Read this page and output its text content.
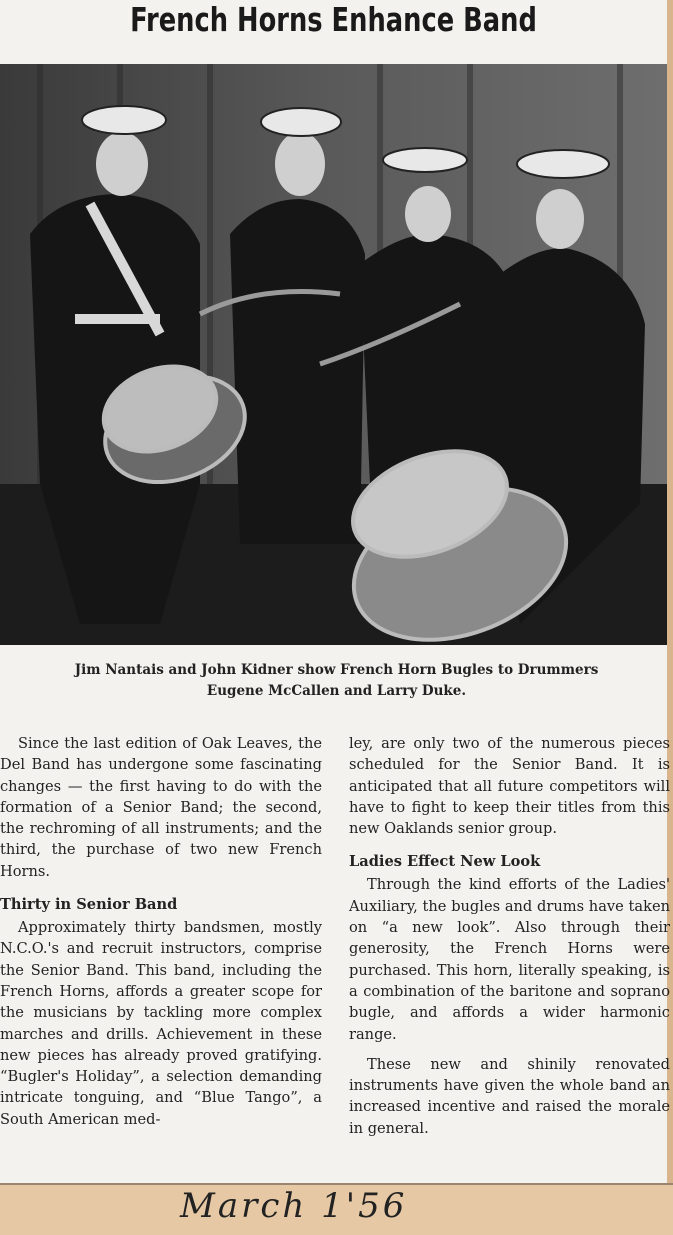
French Horns Enhance Band
Jim Nantais and John Kidner show French Horn Bugles to Drummers
Eugene McCallen and Larry Duke.

Since the last edition of Oak Leaves, the Del Band has undergone some fascinating changes — the first having to do with the formation of a Senior Band; the second, the rechroming of all instruments; and the third, the purchase of two new French Horns.

Thirty in Senior Band

Approximately thirty bandsmen, mostly N.C.O.'s and recruit instructors, comprise the Senior Band. This band, including the French Horns, affords a greater scope for the musicians by tackling more complex marches and drills. Achievement in these new pieces has already proved gratifying. “Bugler's Holiday”, a selection demanding intricate tonguing, and “Blue Tango”, a South American med-

ley, are only two of the numerous pieces scheduled for the Senior Band. It is anticipated that all future competitors will have to fight to keep their titles from this new Oaklands senior group.

Ladies Effect New Look

Through the kind efforts of the Ladies' Auxiliary, the bugles and drums have taken on “a new look”. Also through their generosity, the French Horns were purchased. This horn, literally speaking, is a combination of the baritone and soprano bugle, and affords a wider harmonic range.

These new and shinily renovated instruments have given the whole band an increased incentive and raised the morale in general.

March 1'56
